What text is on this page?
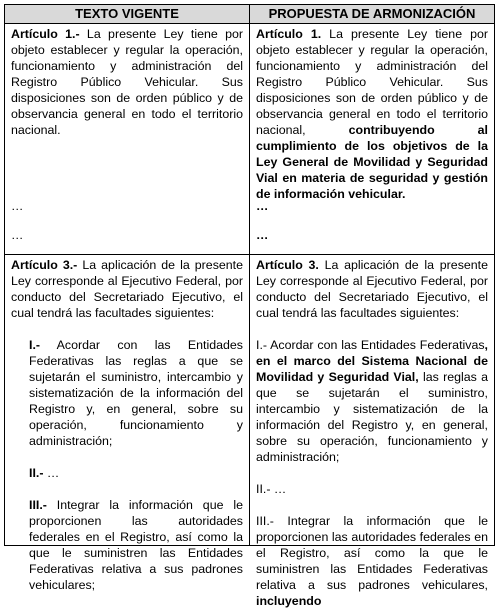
TEXTO VIGENTE	PROPUESTA DE ARMONIZACIÓN

Artículo 1.- La presente Ley tiene por objeto establecer y regular la operación, funcionamiento y administración del Registro Público Vehicular. Sus disposiciones son de orden público y de observancia general en todo el territorio nacional.

…
…

Artículo 1. La presente Ley tiene por objeto establecer y regular la operación, funcionamiento y administración del Registro Público Vehicular. Sus disposiciones son de orden público y de observancia general en todo el territorio nacional, contribuyendo al cumplimiento de los objetivos de la Ley General de Movilidad y Seguridad Vial en materia de seguridad y gestión de información vehicular.

…
…

Artículo 3.- La aplicación de la presente Ley corresponde al Ejecutivo Federal, por conducto del Secretariado Ejecutivo, el cual tendrá las facultades siguientes:

I.- Acordar con las Entidades Federativas las reglas a que se sujetarán el suministro, intercambio y sistematización de la información del Registro y, en general, sobre su operación, funcionamiento y administración;

II.- …

III.- Integrar la información que le proporcionen las autoridades federales en el Registro, así como la que le suministren las Entidades Federativas relativa a sus padrones vehiculares;

Artículo 3. La aplicación de la presente Ley corresponde al Ejecutivo Federal, por conducto del Secretariado Ejecutivo, el cual tendrá las facultades siguientes:

I.- Acordar con las Entidades Federativas, en el marco del Sistema Nacional de Movilidad y Seguridad Vial, las reglas a que se sujetarán el suministro, intercambio y sistematización de la información del Registro y, en general, sobre su operación, funcionamiento y administración;

II.- …

III.- Integrar la información que le proporcionen las autoridades federales en el Registro, así como la que le suministren las Entidades Federativas relativa a sus padrones vehiculares, incluyendo
